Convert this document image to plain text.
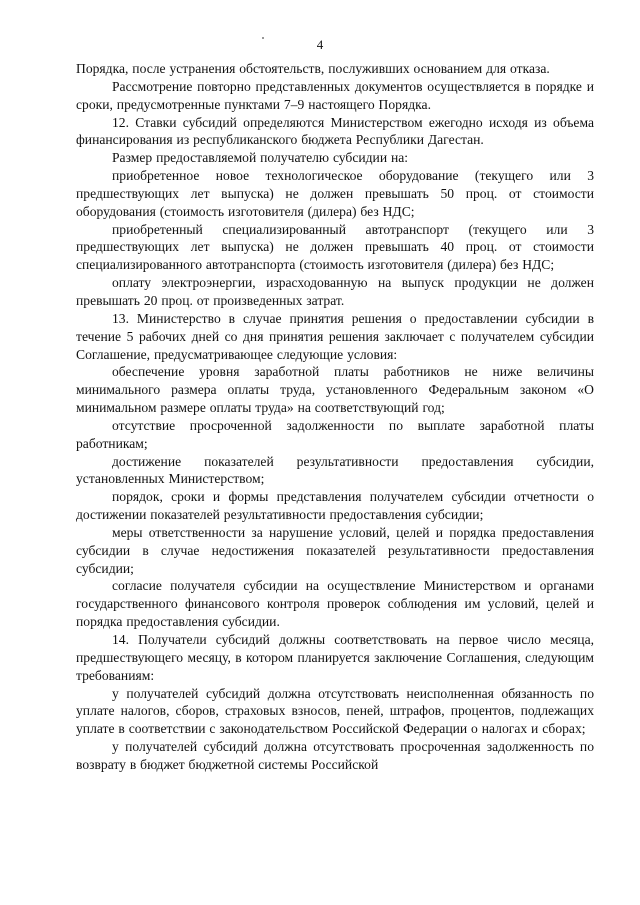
4

Порядка, после устранения обстоятельств, послуживших основанием для отказа.

Рассмотрение повторно представленных документов осуществляется в порядке и сроки, предусмотренные пунктами 7–9 настоящего Порядка.

12. Ставки субсидий определяются Министерством ежегодно исходя из объема финансирования из республиканского бюджета Республики Дагестан.

Размер предоставляемой получателю субсидии на:

приобретенное новое технологическое оборудование (текущего или 3 предшествующих лет выпуска) не должен превышать 50 проц. от стоимости оборудования (стоимость изготовителя (дилера) без НДС;

приобретенный специализированный автотранспорт (текущего или 3 предшествующих лет выпуска) не должен превышать 40 проц. от стоимости специализированного автотранспорта (стоимость изготовителя (дилера) без НДС;

оплату электроэнергии, израсходованную на выпуск продукции не должен превышать 20 проц. от произведенных затрат.

13. Министерство в случае принятия решения о предоставлении субсидии в течение 5 рабочих дней со дня принятия решения заключает с получателем субсидии Соглашение, предусматривающее следующие условия:

обеспечение уровня заработной платы работников не ниже величины минимального размера оплаты труда, установленного Федеральным законом «О минимальном размере оплаты труда» на соответствующий год;

отсутствие просроченной задолженности по выплате заработной платы работникам;

достижение показателей результативности предоставления субсидии, установленных Министерством;

порядок, сроки и формы представления получателем субсидии отчетности о достижении показателей результативности предоставления субсидии;

меры ответственности за нарушение условий, целей и порядка предоставления субсидии в случае недостижения показателей результативности предоставления субсидии;

согласие получателя субсидии на осуществление Министерством и органами государственного финансового контроля проверок соблюдения им условий, целей и порядка предоставления субсидии.

14. Получатели субсидий должны соответствовать на первое число месяца, предшествующего месяцу, в котором планируется заключение Соглашения, следующим требованиям:

у получателей субсидий должна отсутствовать неисполненная обязанность по уплате налогов, сборов, страховых взносов, пеней, штрафов, процентов, подлежащих уплате в соответствии с законодательством Российской Федерации о налогах и сборах;

у получателей субсидий должна отсутствовать просроченная задолженность по возврату в бюджет бюджетной системы Российской
